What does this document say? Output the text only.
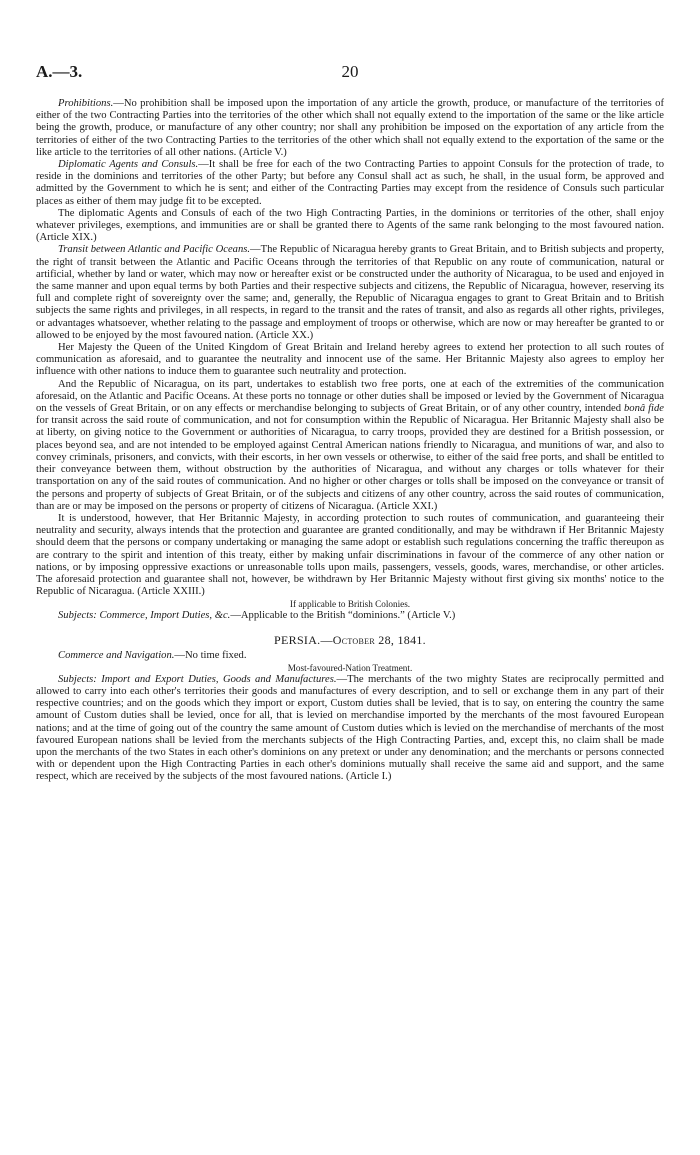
A.—3.	20

Prohibitions.—No prohibition shall be imposed upon the importation of any article the growth, produce, or manufacture of the territories of either of the two Contracting Parties into the territories of the other which shall not equally extend to the importation of the same or the like article being the growth, produce, or manufacture of any other country; nor shall any prohibition be imposed on the exportation of any article from the territories of either of the two Contracting Parties to the territories of the other which shall not equally extend to the exportation of the same or the like article to the territories of all other nations. (Article V.)

Diplomatic Agents and Consuls.—It shall be free for each of the two Contracting Parties to appoint Consuls for the protection of trade, to reside in the dominions and territories of the other Party; but before any Consul shall act as such, he shall, in the usual form, be approved and admitted by the Government to which he is sent; and either of the Contracting Parties may except from the residence of Consuls such particular places as either of them may judge fit to be excepted.

The diplomatic Agents and Consuls of each of the two High Contracting Parties, in the dominions or territories of the other, shall enjoy whatever privileges, exemptions, and immunities are or shall be granted there to Agents of the same rank belonging to the most favoured nation. (Article XIX.)

Transit between Atlantic and Pacific Oceans.—The Republic of Nicaragua hereby grants to Great Britain, and to British subjects and property, the right of transit between the Atlantic and Pacific Oceans through the territories of that Republic on any route of communication, natural or artificial, whether by land or water, which may now or hereafter exist or be constructed under the authority of Nicaragua, to be used and enjoyed in the same manner and upon equal terms by both Parties and their respective subjects and citizens, the Republic of Nicaragua, however, reserving its full and complete right of sovereignty over the same; and, generally, the Republic of Nicaragua engages to grant to Great Britain and to British subjects the same rights and privileges, in all respects, in regard to the transit and the rates of transit, and also as regards all other rights, privileges, or advantages whatsoever, whether relating to the passage and employment of troops or otherwise, which are now or may hereafter be granted to or allowed to be enjoyed by the most favoured nation. (Article XX.)

Her Majesty the Queen of the United Kingdom of Great Britain and Ireland hereby agrees to extend her protection to all such routes of communication as aforesaid, and to guarantee the neutrality and innocent use of the same. Her Britannic Majesty also agrees to employ her influence with other nations to induce them to guarantee such neutrality and protection.

And the Republic of Nicaragua, on its part, undertakes to establish two free ports, one at each of the extremities of the communication aforesaid, on the Atlantic and Pacific Oceans. At these ports no tonnage or other duties shall be imposed or levied by the Government of Nicaragua on the vessels of Great Britain, or on any effects or merchandise belonging to subjects of Great Britain, or of any other country, intended bonâ fide for transit across the said route of communication, and not for consumption within the Republic of Nicaragua. Her Britannic Majesty shall also be at liberty, on giving notice to the Government or authorities of Nicaragua, to carry troops, provided they are destined for a British possession, or places beyond sea, and are not intended to be employed against Central American nations friendly to Nicaragua, and munitions of war, and also to convey criminals, prisoners, and convicts, with their escorts, in her own vessels or otherwise, to either of the said free ports, and shall be entitled to their conveyance between them, without obstruction by the authorities of Nicaragua, and without any charges or tolls whatever for their transportation on any of the said routes of communication. And no higher or other charges or tolls shall be imposed on the conveyance or transit of the persons and property of subjects of Great Britain, or of the subjects and citizens of any other country, across the said routes of communication, than are or may be imposed on the persons or property of citizens of Nicaragua. (Article XXI.)

It is understood, however, that Her Britannic Majesty, in according protection to such routes of communication, and guaranteeing their neutrality and security, always intends that the protection and guarantee are granted conditionally, and may be withdrawn if Her Britannic Majesty should deem that the persons or company undertaking or managing the same adopt or establish such regulations concerning the traffic thereupon as are contrary to the spirit and intention of this treaty, either by making unfair discriminations in favour of the commerce of any other nation or nations, or by imposing oppressive exactions or unreasonable tolls upon mails, passengers, vessels, goods, wares, merchandise, or other articles. The aforesaid protection and guarantee shall not, however, be withdrawn by Her Britannic Majesty without first giving six months' notice to the Republic of Nicaragua. (Article XXIII.)

If applicable to British Colonies.

Subjects: Commerce, Import Duties, &c.—Applicable to the British “dominions.” (Article V.)

PERSIA.—October 28, 1841.

Commerce and Navigation.—No time fixed.

Most-favoured-Nation Treatment.

Subjects: Import and Export Duties, Goods and Manufactures.—The merchants of the two mighty States are reciprocally permitted and allowed to carry into each other's territories their goods and manufactures of every description, and to sell or exchange them in any part of their respective countries; and on the goods which they import or export, Custom duties shall be levied, that is to say, on entering the country the same amount of Custom duties shall be levied, once for all, that is levied on merchandise imported by the merchants of the most favoured European nations; and at the time of going out of the country the same amount of Custom duties which is levied on the merchandise of merchants of the most favoured European nations shall be levied from the merchants subjects of the High Contracting Parties, and, except this, no claim shall be made upon the merchants of the two States in each other's dominions on any pretext or under any denomination; and the merchants or persons connected with or dependent upon the High Contracting Parties in each other's dominions mutually shall receive the same aid and support, and the same respect, which are received by the subjects of the most favoured nations. (Article I.)
